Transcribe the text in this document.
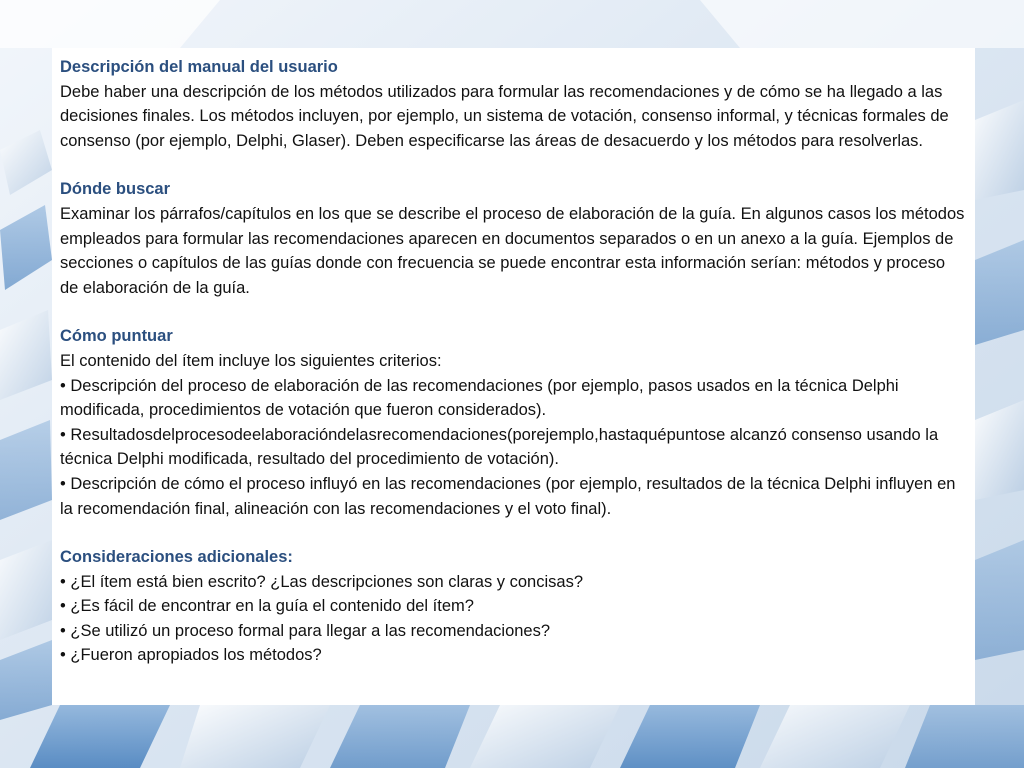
Descripción del manual del usuario
Debe haber una descripción de los métodos utilizados para formular las recomendaciones y de cómo se ha llegado a las decisiones finales. Los métodos incluyen, por ejemplo, un sistema de votación, consenso informal, y técnicas formales de consenso (por ejemplo, Delphi, Glaser). Deben especificarse las áreas de desacuerdo y los métodos para resolverlas.
Dónde buscar
Examinar los párrafos/capítulos en los que se describe el proceso de elaboración de la guía. En algunos casos los métodos empleados para formular las recomendaciones aparecen en documentos separados o en un anexo a la guía. Ejemplos de secciones o capítulos de las guías donde con frecuencia se puede encontrar esta información serían: métodos y proceso de elaboración de la guía.
Cómo puntuar
El contenido del ítem incluye los siguientes criterios:
• Descripción del proceso de elaboración de las recomendaciones (por ejemplo, pasos usados en la técnica Delphi modificada, procedimientos de votación que fueron considerados).
• Resultadosdelprocesodeelaboracióndelasrecomendaciones(porejemplo,hastaquépuntose alcanzó consenso usando la técnica Delphi modificada, resultado del procedimiento de votación).
• Descripción de cómo el proceso influyó en las recomendaciones (por ejemplo, resultados de la técnica Delphi influyen en la recomendación final, alineación con las recomendaciones y el voto final).
Consideraciones adicionales:
• ¿El ítem está bien escrito? ¿Las descripciones son claras y concisas?
• ¿Es fácil de encontrar en la guía el contenido del ítem?
• ¿Se utilizó un proceso formal para llegar a las recomendaciones?
• ¿Fueron apropiados los métodos?
